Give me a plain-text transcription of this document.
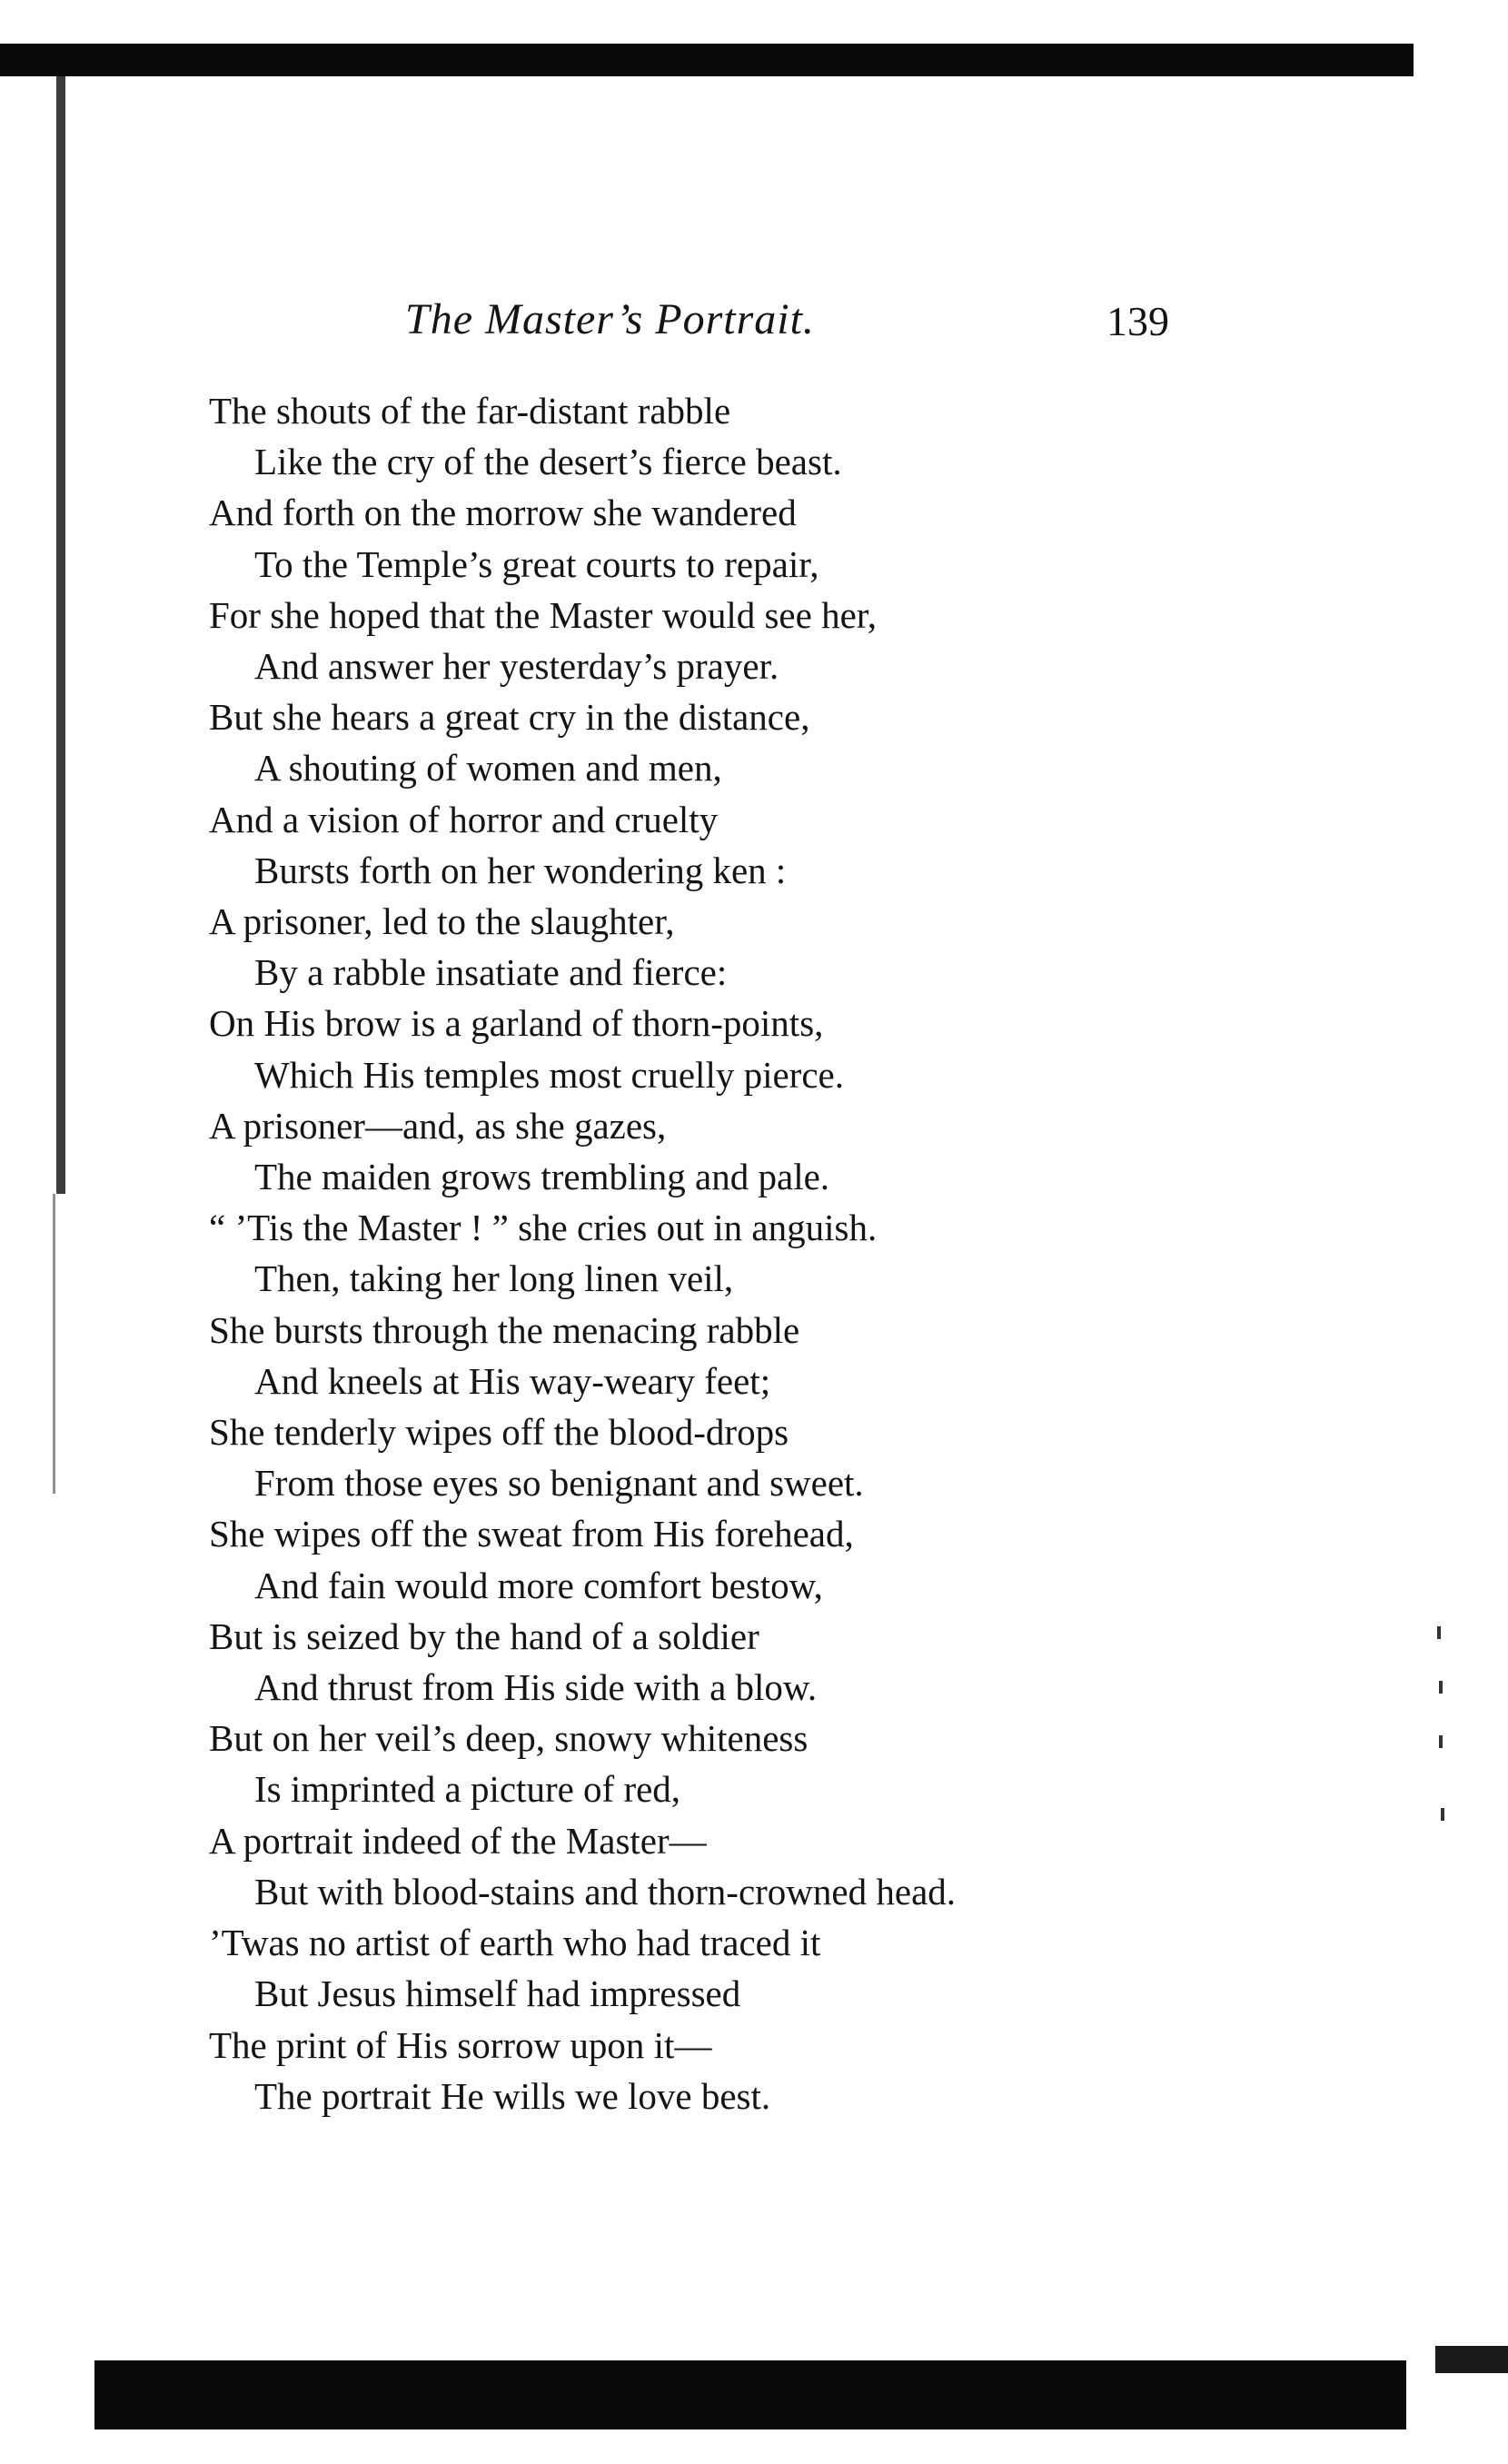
The Master’s Portrait.	139
The shouts of the far-distant rabble
Like the cry of the desert’s fierce beast.
And forth on the morrow she wandered
To the Temple’s great courts to repair,
For she hoped that the Master would see her,
And answer her yesterday’s prayer.
But she hears a great cry in the distance,
A shouting of women and men,
And a vision of horror and cruelty
Bursts forth on her wondering ken :
A prisoner, led to the slaughter,
By a rabble insatiate and fierce:
On His brow is a garland of thorn-points,
Which His temples most cruelly pierce.
A prisoner—and, as she gazes,
The maiden grows trembling and pale.
“ ’Tis the Master ! ” she cries out in anguish.
Then, taking her long linen veil,
She bursts through the menacing rabble
And kneels at His way-weary feet;
She tenderly wipes off the blood-drops
From those eyes so benignant and sweet.
She wipes off the sweat from His forehead,
And fain would more comfort bestow,
But is seized by the hand of a soldier
And thrust from His side with a blow.
But on her veil’s deep, snowy whiteness
Is imprinted a picture of red,
A portrait indeed of the Master—
But with blood-stains and thorn-crowned head.
’Twas no artist of earth who had traced it
But Jesus himself had impressed
The print of His sorrow upon it—
The portrait He wills we love best.
